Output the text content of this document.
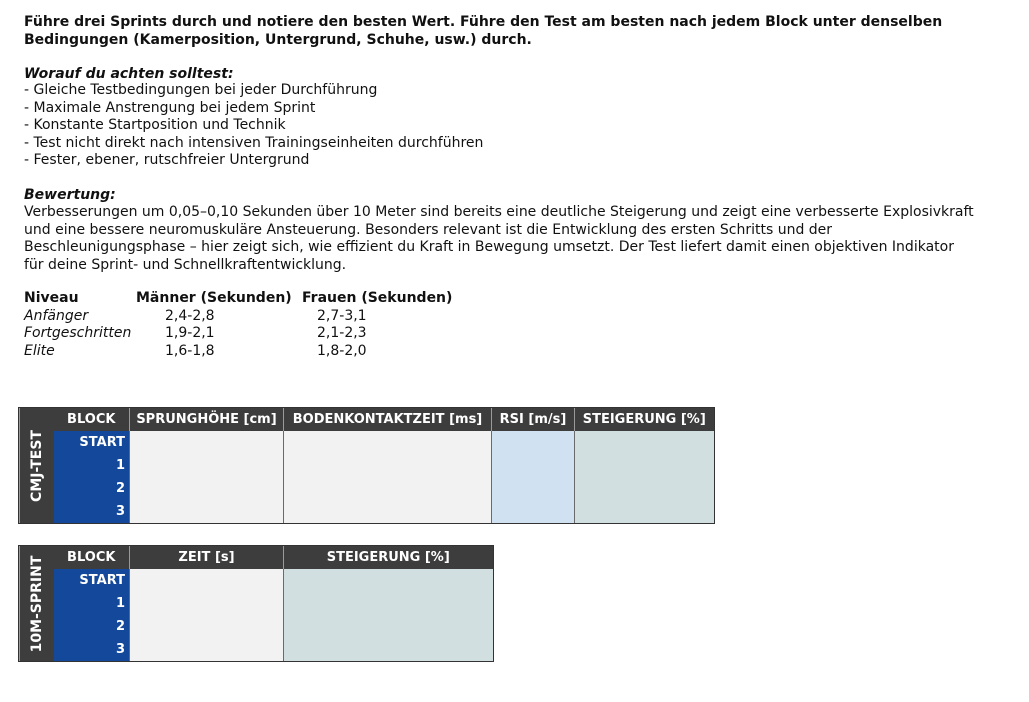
Führe drei Sprints durch und notiere den besten Wert. Führe den Test am besten nach jedem Block unter denselben Bedingungen (Kamerposition, Untergrund, Schuhe, usw.) durch.
Worauf du achten solltest:
- Gleiche Testbedingungen bei jeder Durchführung
- Maximale Anstrengung bei jedem Sprint
- Konstante Startposition und Technik
- Test nicht direkt nach intensiven Trainingseinheiten durchführen
- Fester, ebener, rutschfreier Untergrund
Bewertung:
Verbesserungen um 0,05–0,10 Sekunden über 10 Meter sind bereits eine deutliche Steigerung und zeigt eine verbesserte Explosivkraft und eine bessere neuromuskuläre Ansteuerung. Besonders relevant ist die Entwicklung des ersten Schritts und der Beschleunigungsphase – hier zeigt sich, wie effizient du Kraft in Bewegung umsetzt. Der Test liefert damit einen objektiven Indikator für deine Sprint- und Schnellkraftentwicklung.
Niveau	Männer (Sekunden) Frauen (Sekunden)
Anfänger	2,4-2,8	2,7-3,1
Fortgeschritten 1,9-2,1	2,1-2,3
Elite	1,6-1,8	1,8-2,0
CMJ-TEST	BLOCK	SPRUNGHÖHE [cm]	BODENKONTAKTZEIT [ms]	RSI [m/s]	STEIGERUNG [%]
	START				
	1				
	2				
	3				
10M-SPRINT	BLOCK	ZEIT [s]	STEIGERUNG [%]
	START		
	1		
	2		
	3		
